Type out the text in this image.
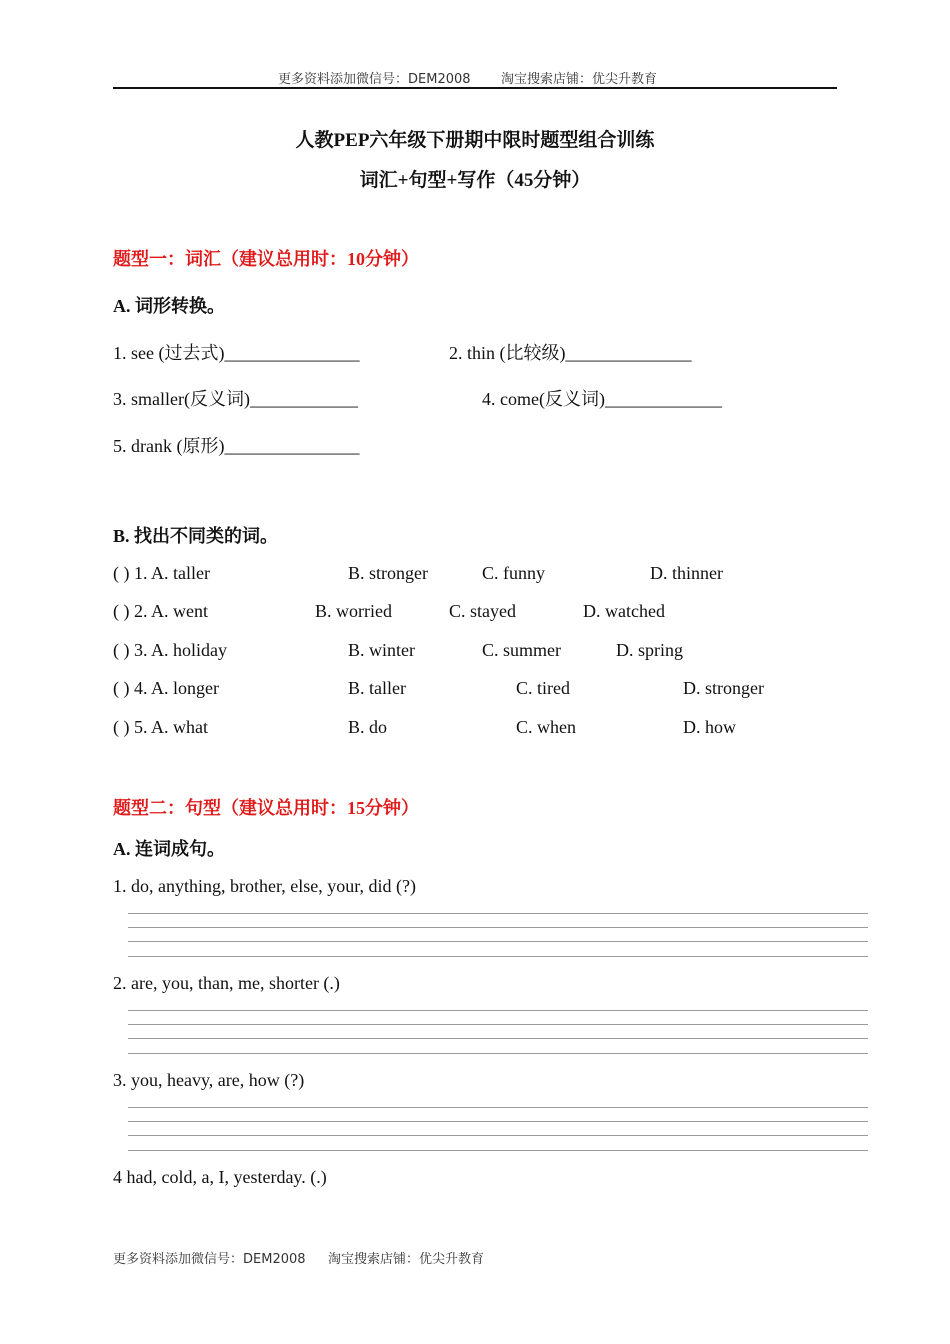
更多资料添加微信号：DEM2008 淘宝搜索店铺：优尖升教育
人教PEP六年级下册期中限时题型组合训练
词汇+句型+写作（45分钟）
题型一：词汇（建议总用时：10分钟）
A. 词形转换。
1. see (过去式)_______________	2. thin (比较级)______________
3. smaller(反义词)____________	4. come(反义词)_____________
5. drank (原形)_______________
B. 找出不同类的词。
( ) 1. A. taller	B. stronger	C. funny	D. thinner
( ) 2. A. went	B. worried	C. stayed	D. watched
( ) 3. A. holiday	B. winter	C. summer	D. spring
( ) 4. A. longer	B. taller	C. tired	D. stronger
( ) 5. A. what	B. do	C. when	D. how
题型二：句型（建议总用时：15分钟）
A. 连词成句。
1. do, anything, brother, else, your, did (?)
2. are, you, than, me, shorter (.)
3. you, heavy, are, how (?)
4 had, cold, a, I, yesterday. (.)
更多资料添加微信号：DEM2008 淘宝搜索店铺：优尖升教育
